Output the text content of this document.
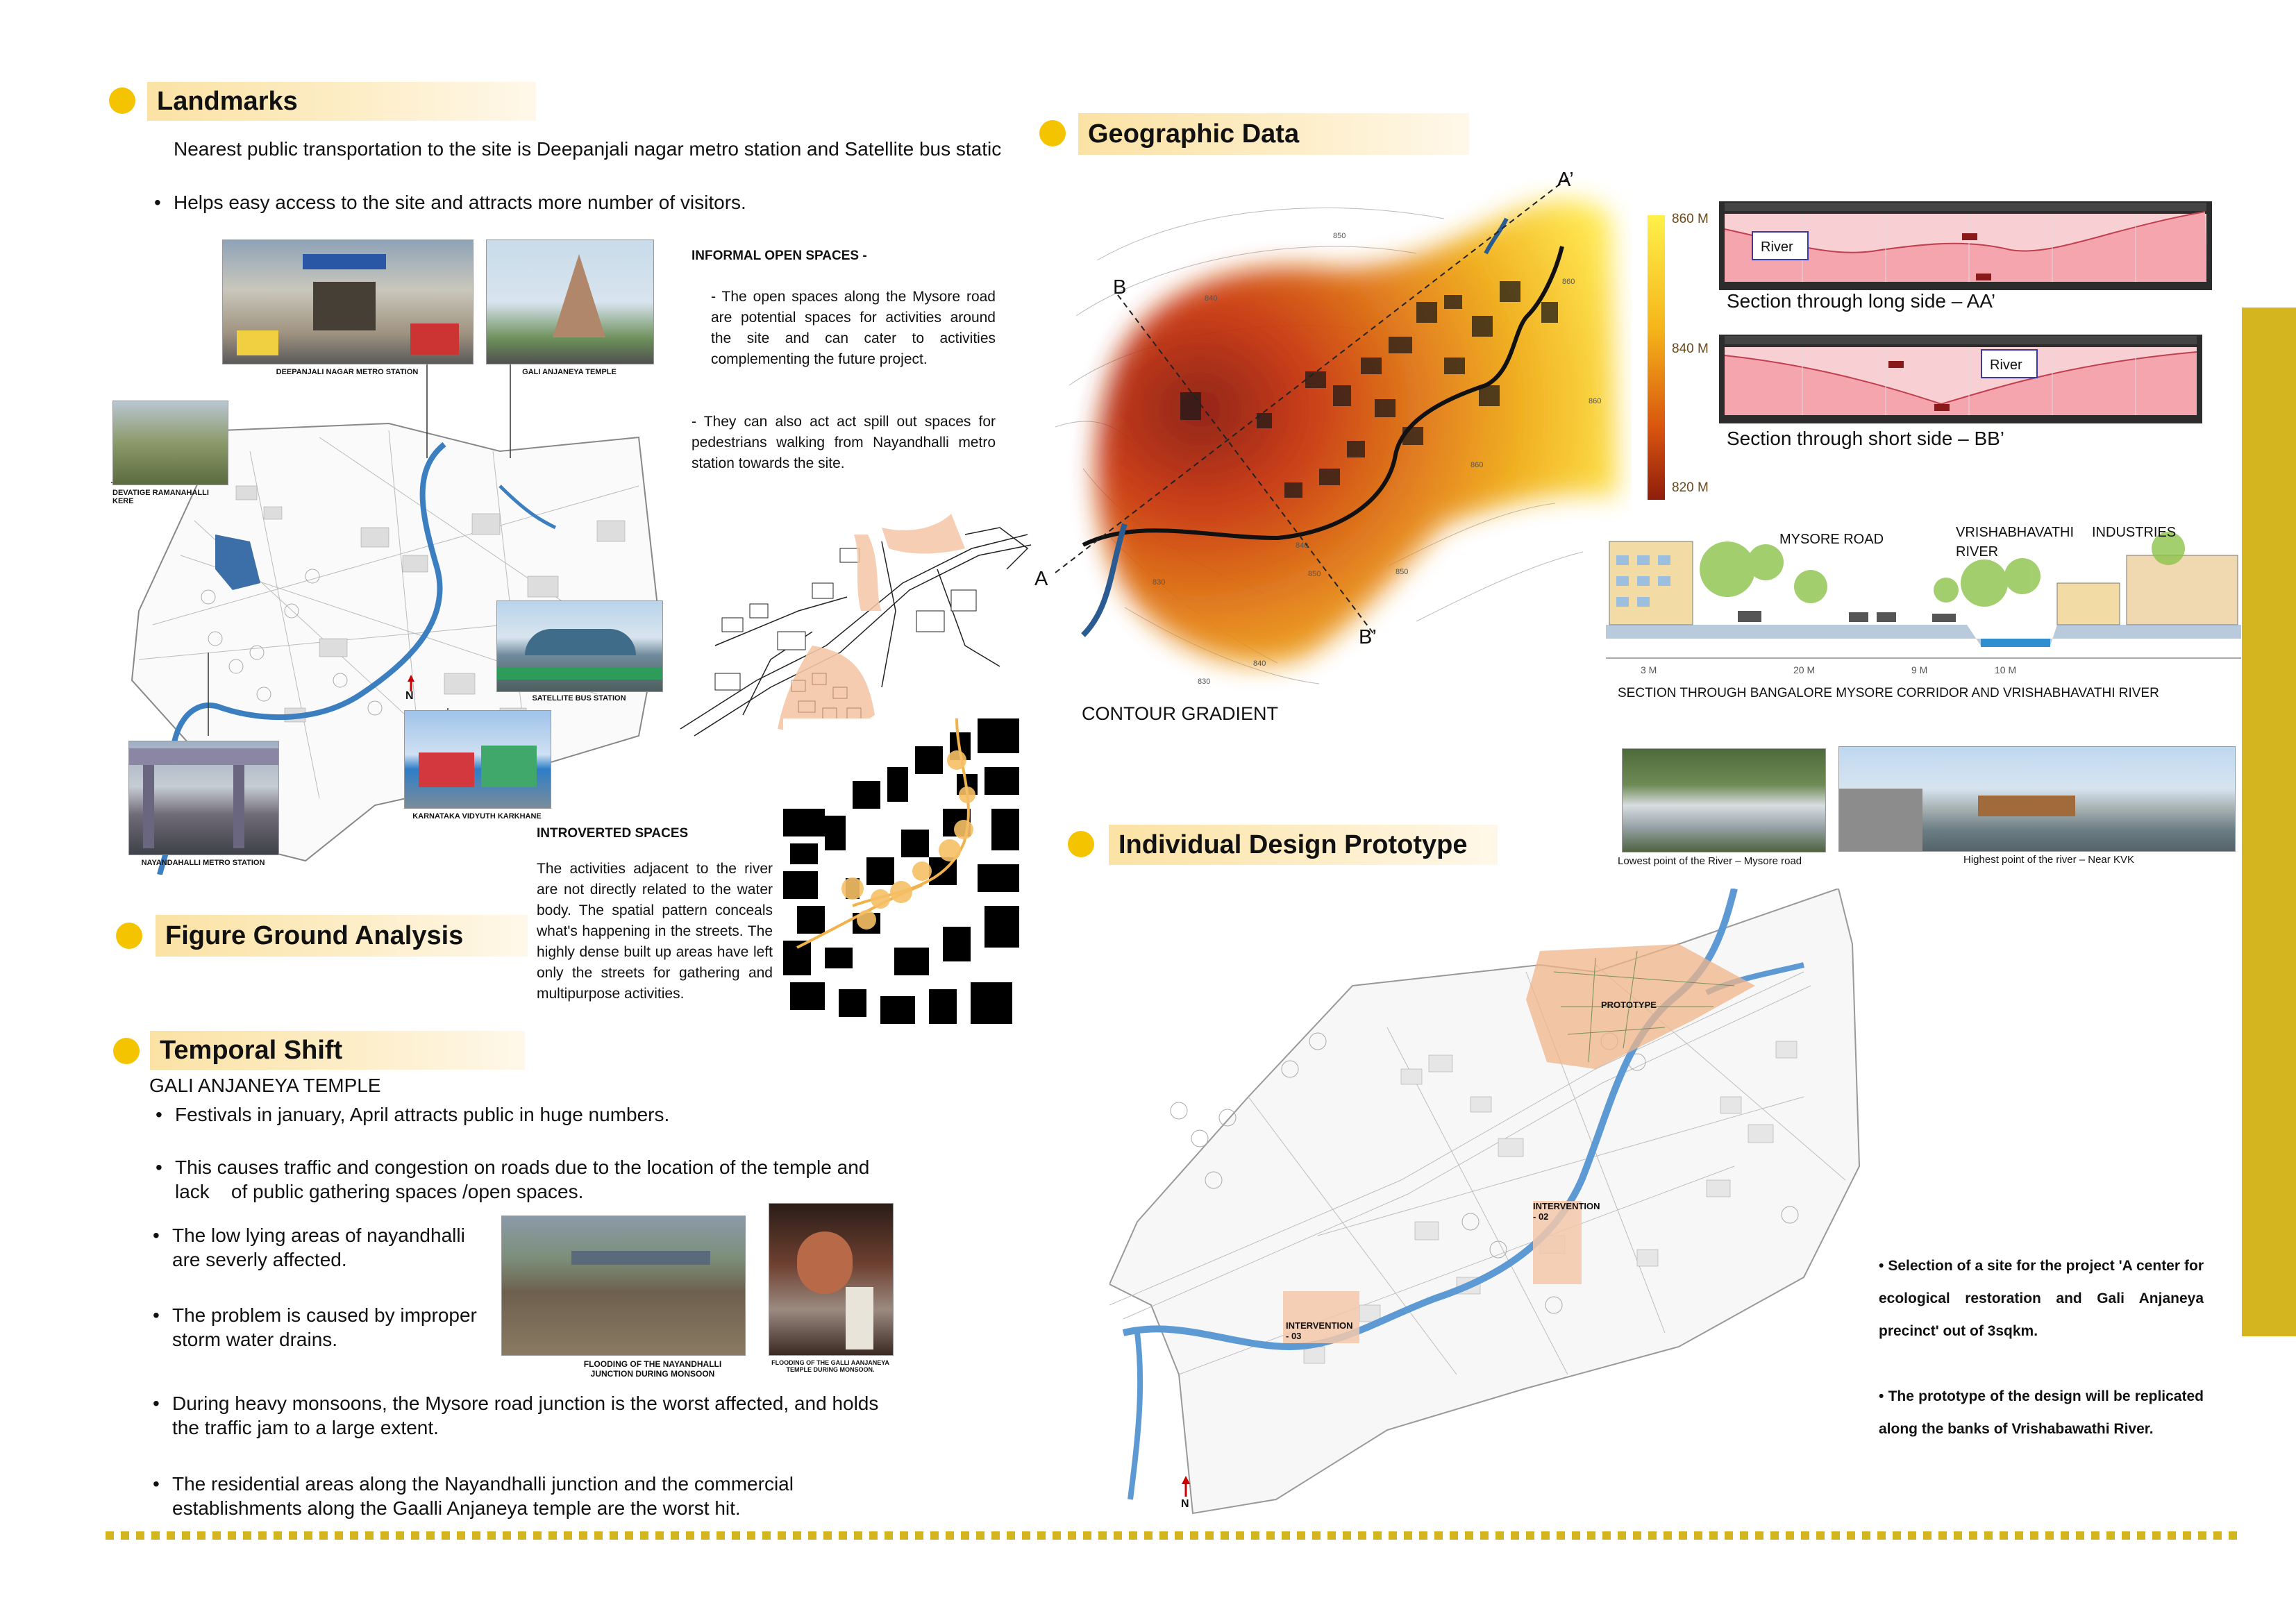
Landmarks
• Nearest public transportation to the site is Deepanjali nagar metro station and Satellite bus static
• Helps easy access to the site and attracts more number of visitors.
N
DEEPANJALI NAGAR METRO STATION	GALI ANJANEYA TEMPLE
DEVATIGE RAMANAHALLI KERE
SATELLITE BUS STATION
KARNATAKA VIDYUTH KARKHANE
NAYANDAHALLI METRO STATION
INFORMAL OPEN SPACES -
- The open spaces along the Mysore road are potential spaces for activities around the site and can cater to activities complementing the future project.
- They can also act act spill out spaces for pedestrians walking from Nayandhalli metro station towards the site.
INTROVERTED SPACES
The activities adjacent to the river are not directly related to the water body. The spatial pattern conceals what's happening in the streets. The highly dense built up areas have left only the streets for gathering and multipurpose activities.
Figure Ground Analysis
Temporal Shift
GALI ANJANEYA TEMPLE
• Festivals in january, April attracts public in huge numbers.
• This causes traffic and congestion on roads due to the location of the temple and
lack    of public gathering spaces /open spaces.
• The low lying areas of nayandhalli
are severly affected.
• The problem is caused by improper
storm water drains.
• During heavy monsoons, the Mysore road junction is the worst affected, and holds
the traffic jam to a large extent.
• The residential areas along the Nayandhalli junction and the commercial
establishments along the Gaalli Anjaneya temple are the worst hit.
FLOODING OF THE NAYANDHALLI JUNCTION DURING MONSOON
FLOODING OF THE GALLI AANJANEYA TEMPLE DURING MONSOON.
Geographic Data
850
840
860
860
860
850
840
850
830
830
840
A’
B
A
B’
CONTOUR GRADIENT
860 M
840 M
820 M
River
Section through long side – AA’
River
Section through short side – BB’
3 M	20 M	9 M	10 M
MYSORE ROAD	VRISHABHAVATHI
RIVER
INDUSTRIES
SECTION THROUGH BANGALORE MYSORE CORRIDOR AND VRISHABHAVATHI RIVER
Lowest point of the River – Mysore road	Highest point of the river – Near KVK
Individual Design Prototype
PROTOTYPE
INTERVENTION - 02
INTERVENTION - 03
N
• Selection of a site for the project 'A center for ecological restoration and Gali Anjaneya precinct' out of 3sqkm.
• The prototype of the design will be replicated along the banks of Vrishabawathi River.
